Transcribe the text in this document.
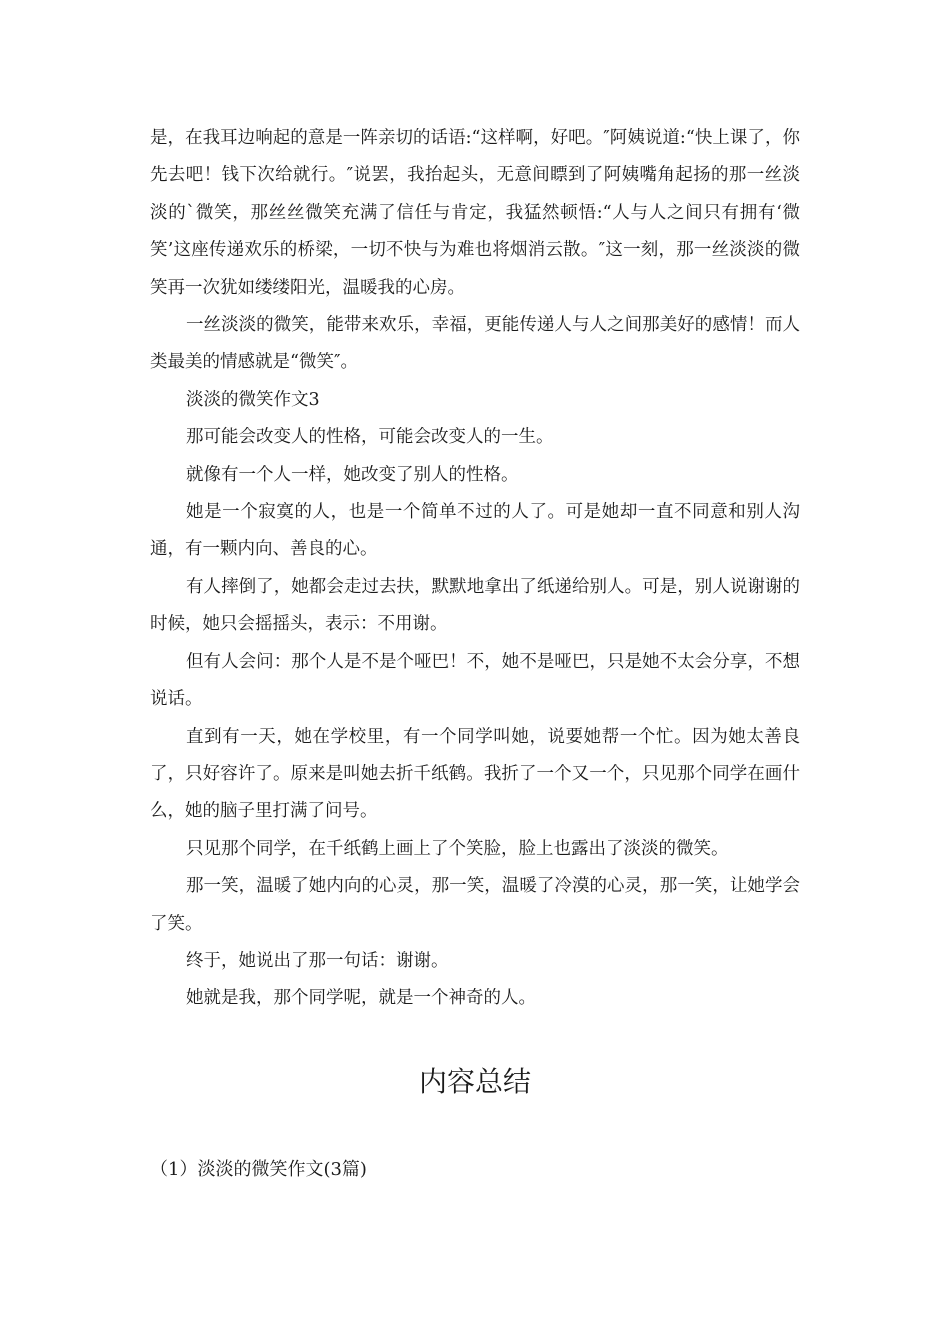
是，在我耳边响起的意是一阵亲切的话语:“这样啊，好吧。″阿姨说道:“快上课了，你先去吧！钱下次给就行。″说罢，我抬起头，无意间瞟到了阿姨嘴角起扬的那一丝淡淡的`微笑，那丝丝微笑充满了信任与肯定，我猛然顿悟:“人与人之间只有拥有‘微笑’这座传递欢乐的桥梁，一切不快与为难也将烟消云散。″这一刻，那一丝淡淡的微笑再一次犹如缕缕阳光，温暖我的心房。

一丝淡淡的微笑，能带来欢乐，幸福，更能传递人与人之间那美好的感情！而人类最美的情感就是“微笑″。

淡淡的微笑作文3

那可能会改变人的性格，可能会改变人的一生。

就像有一个人一样，她改变了别人的性格。

她是一个寂寞的人，也是一个简单不过的人了。可是她却一直不同意和别人沟通，有一颗内向、善良的心。

有人摔倒了，她都会走过去扶，默默地拿出了纸递给别人。可是，别人说谢谢的时候，她只会摇摇头，表示：不用谢。

但有人会问：那个人是不是个哑巴！不，她不是哑巴，只是她不太会分享，不想说话。

直到有一天，她在学校里，有一个同学叫她，说要她帮一个忙。因为她太善良了，只好容许了。原来是叫她去折千纸鹤。我折了一个又一个，只见那个同学在画什么，她的脑子里打满了问号。

只见那个同学，在千纸鹤上画上了个笑脸，脸上也露出了淡淡的微笑。

那一笑，温暖了她内向的心灵，那一笑，温暖了冷漠的心灵，那一笑，让她学会了笑。

终于，她说出了那一句话：谢谢。

她就是我，那个同学呢，就是一个神奇的人。

内容总结

（1）淡淡的微笑作文(3篇)
